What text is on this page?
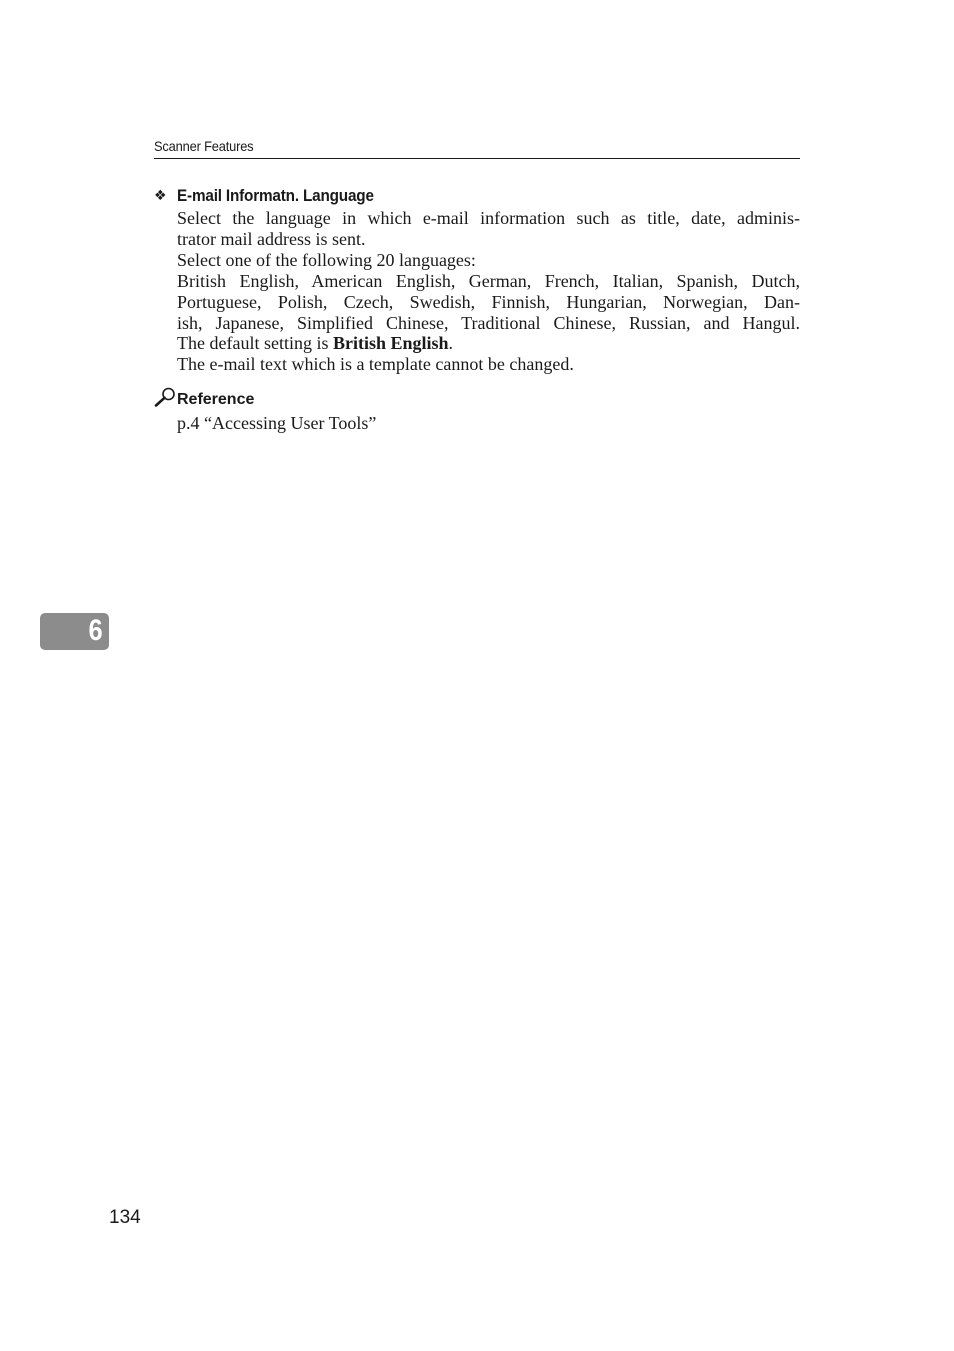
Scanner Features
❖ E-mail Informatn. Language

Select the language in which e-mail information such as title, date, adminis-

trator mail address is sent.

Select one of the following 20 languages:

British English, American English, German, French, Italian, Spanish, Dutch,

Portuguese, Polish, Czech, Swedish, Finnish, Hungarian, Norwegian, Dan-

ish, Japanese, Simplified Chinese, Traditional Chinese, Russian, and Hangul.

The default setting is British English.

The e-mail text which is a template cannot be changed.

Reference
p.4 “Accessing User Tools”
6
134
